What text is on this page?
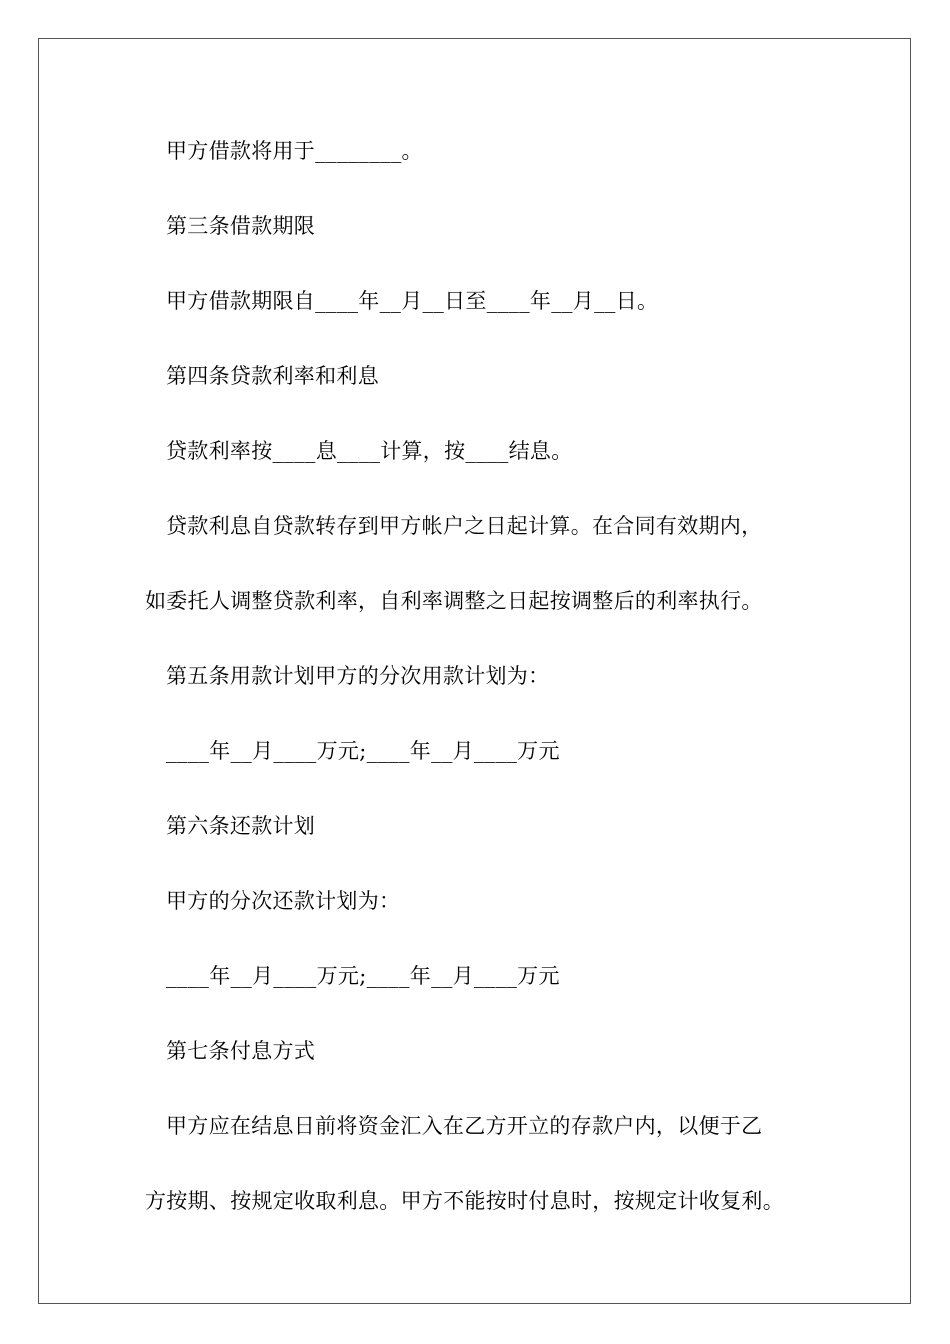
甲方借款将用于________。
第三条借款期限
甲方借款期限自____年__月__日至____年__月__日。
第四条贷款利率和利息
贷款利率按____息____计算，按____结息。
贷款利息自贷款转存到甲方帐户之日起计算。在合同有效期内，
如委托人调整贷款利率，自利率调整之日起按调整后的利率执行。
第五条用款计划甲方的分次用款计划为：
____年__月____万元;____年__月____万元
第六条还款计划
甲方的分次还款计划为：
____年__月____万元;____年__月____万元
第七条付息方式
甲方应在结息日前将资金汇入在乙方开立的存款户内，以便于乙
方按期、按规定收取利息。甲方不能按时付息时，按规定计收复利。
